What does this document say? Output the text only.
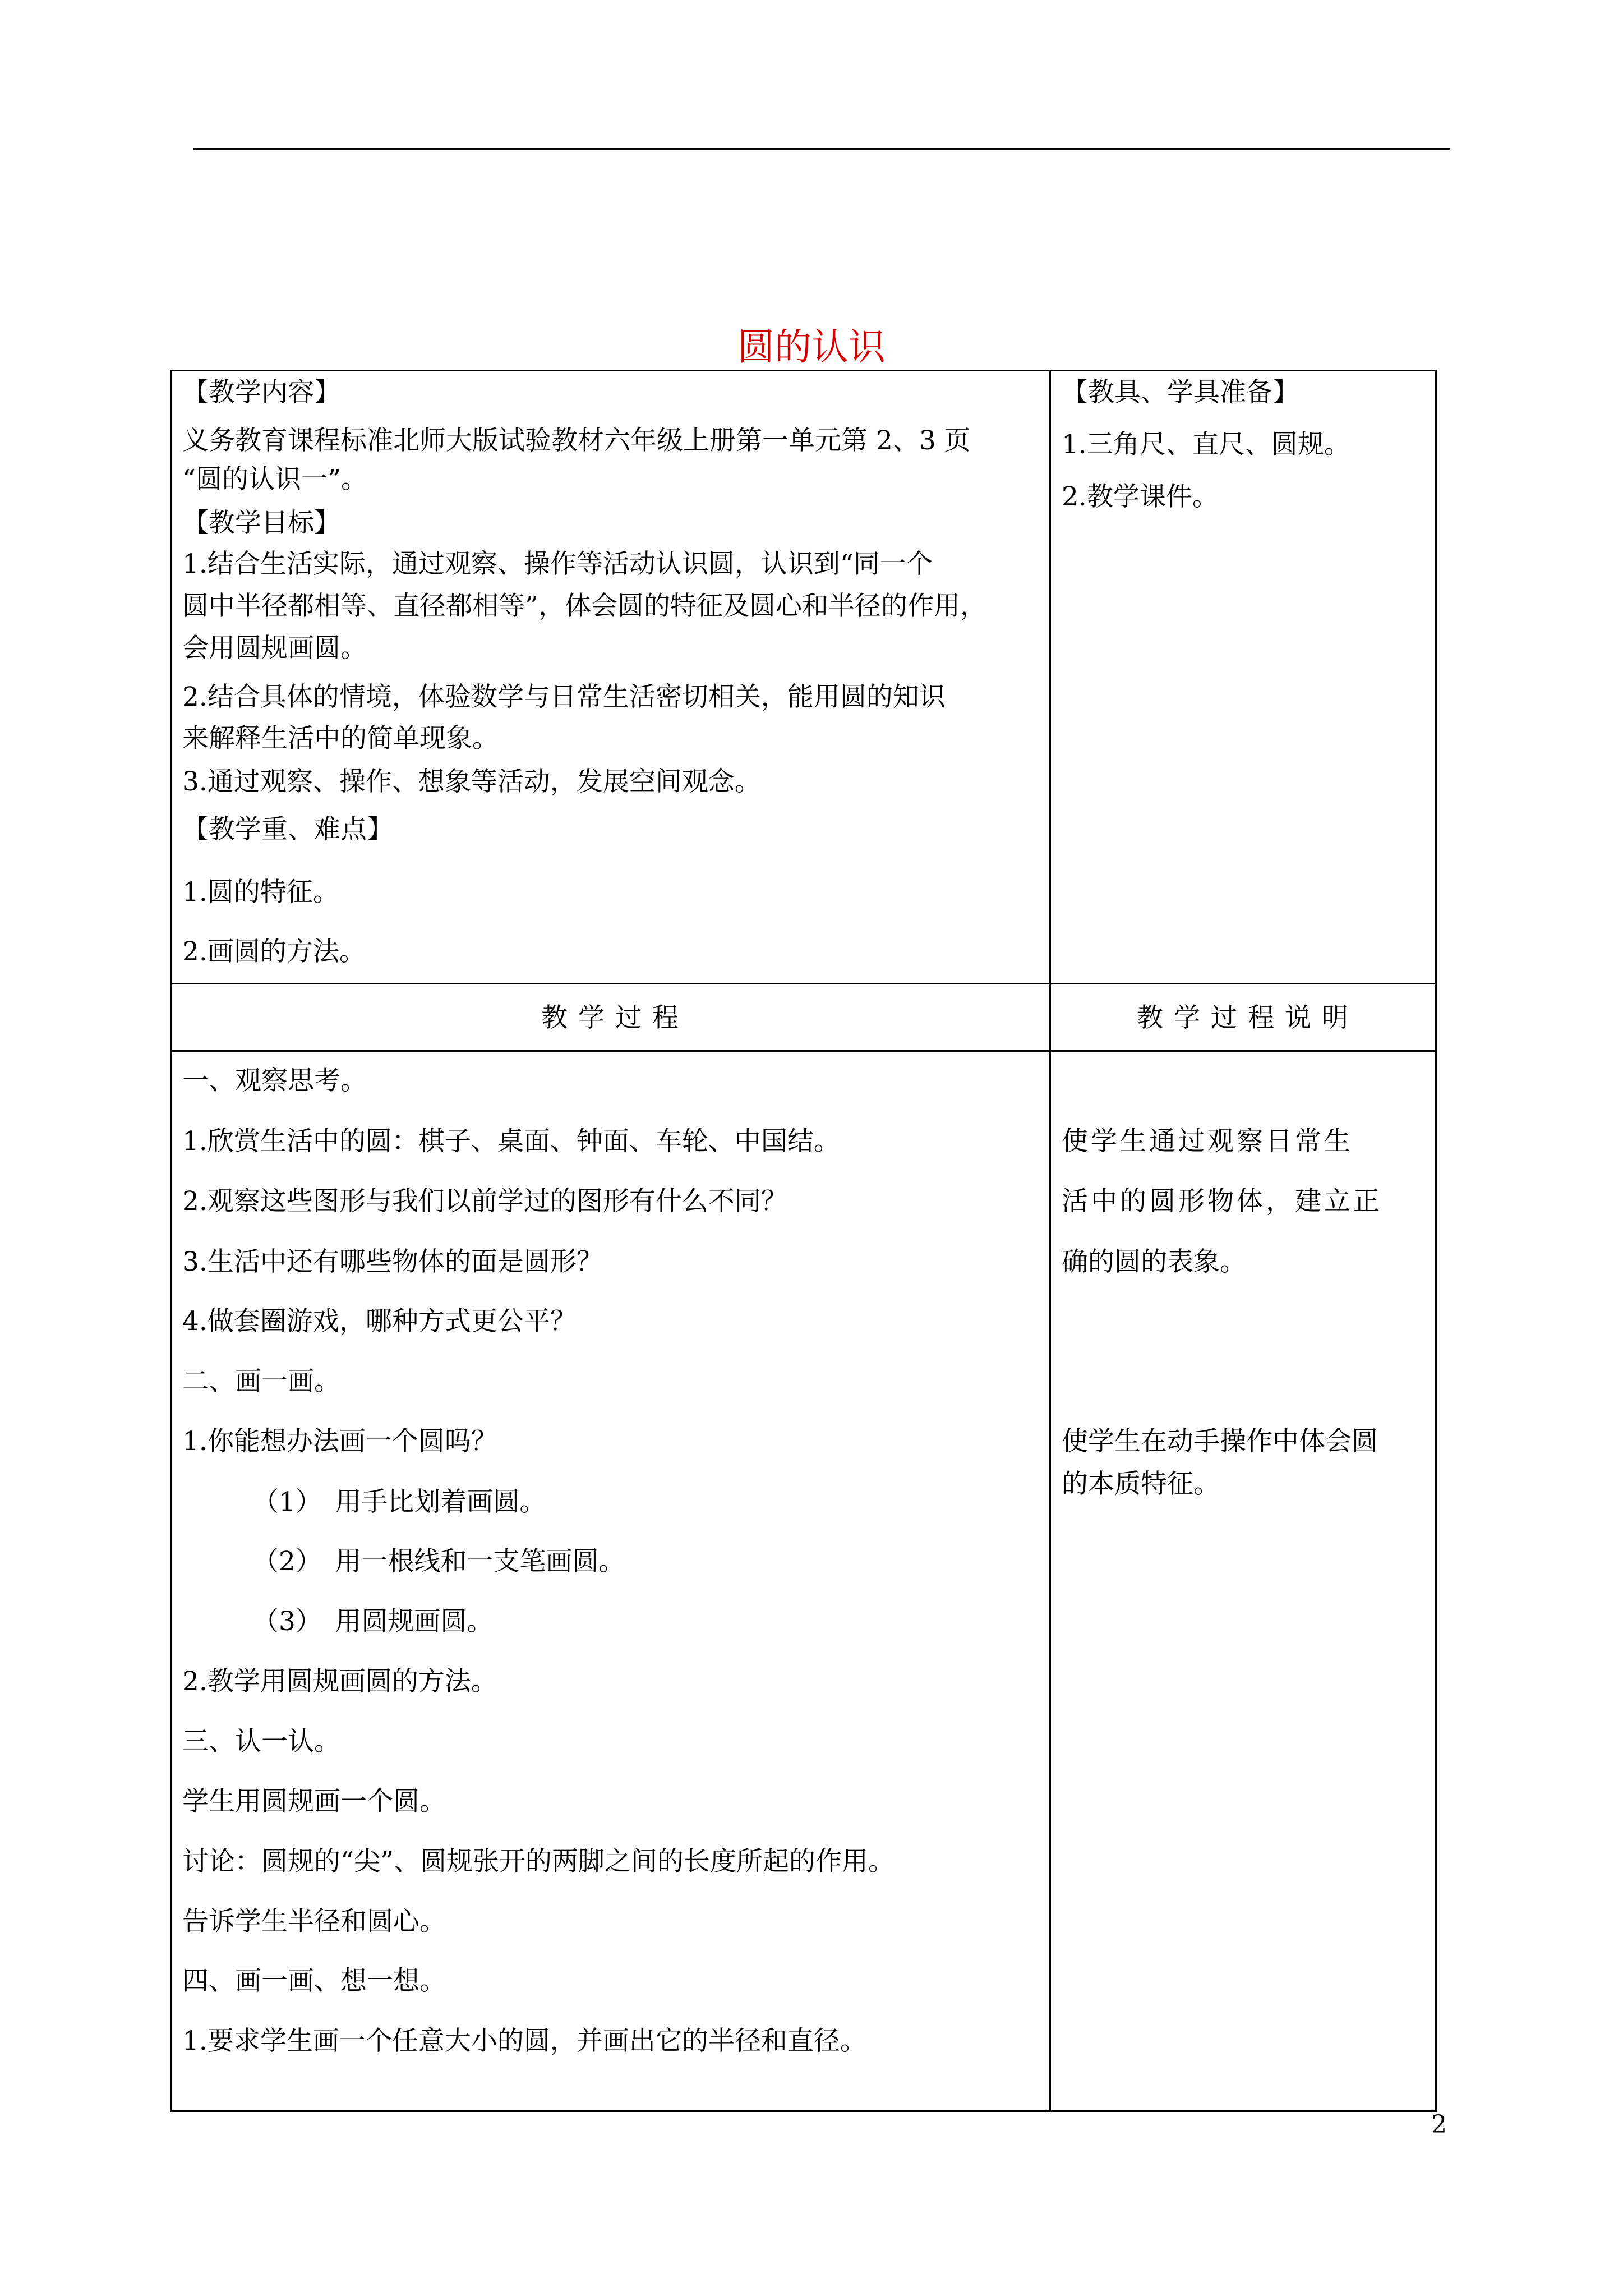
圆的认识
【教学内容】
义务教育课程标准北师大版试验教材六年级上册第一单元第 2、3 页
“圆的认识一”。
【教学目标】
1.结合生活实际，通过观察、操作等活动认识圆，认识到“同一个
圆中半径都相等、直径都相等”，体会圆的特征及圆心和半径的作用，
会用圆规画圆。
2.结合具体的情境，体验数学与日常生活密切相关，能用圆的知识
来解释生活中的简单现象。
3.通过观察、操作、想象等活动，发展空间观念。
【教学重、难点】
1.圆的特征。
2.画圆的方法。
【教具、学具准备】
1.三角尺、直尺、圆规。
2.教学课件。
教 学 过 程	教 学 过 程 说 明
一、观察思考。
1.欣赏生活中的圆：棋子、桌面、钟面、车轮、中国结。
2.观察这些图形与我们以前学过的图形有什么不同？
3.生活中还有哪些物体的面是圆形？
4.做套圈游戏，哪种方式更公平？
二、画一画。
1.你能想办法画一个圆吗？
（1）　用手比划着画圆。
（2）　用一根线和一支笔画圆。
（3）　用圆规画圆。
2.教学用圆规画圆的方法。
三、认一认。
学生用圆规画一个圆。
讨论：圆规的“尖”、圆规张开的两脚之间的长度所起的作用。
告诉学生半径和圆心。
四、画一画、想一想。
1.要求学生画一个任意大小的圆，并画出它的半径和直径。
使学生通过观察日常生
活中的圆形物体，建立正
确的圆的表象。
使学生在动手操作中体会圆
的本质特征。
2
